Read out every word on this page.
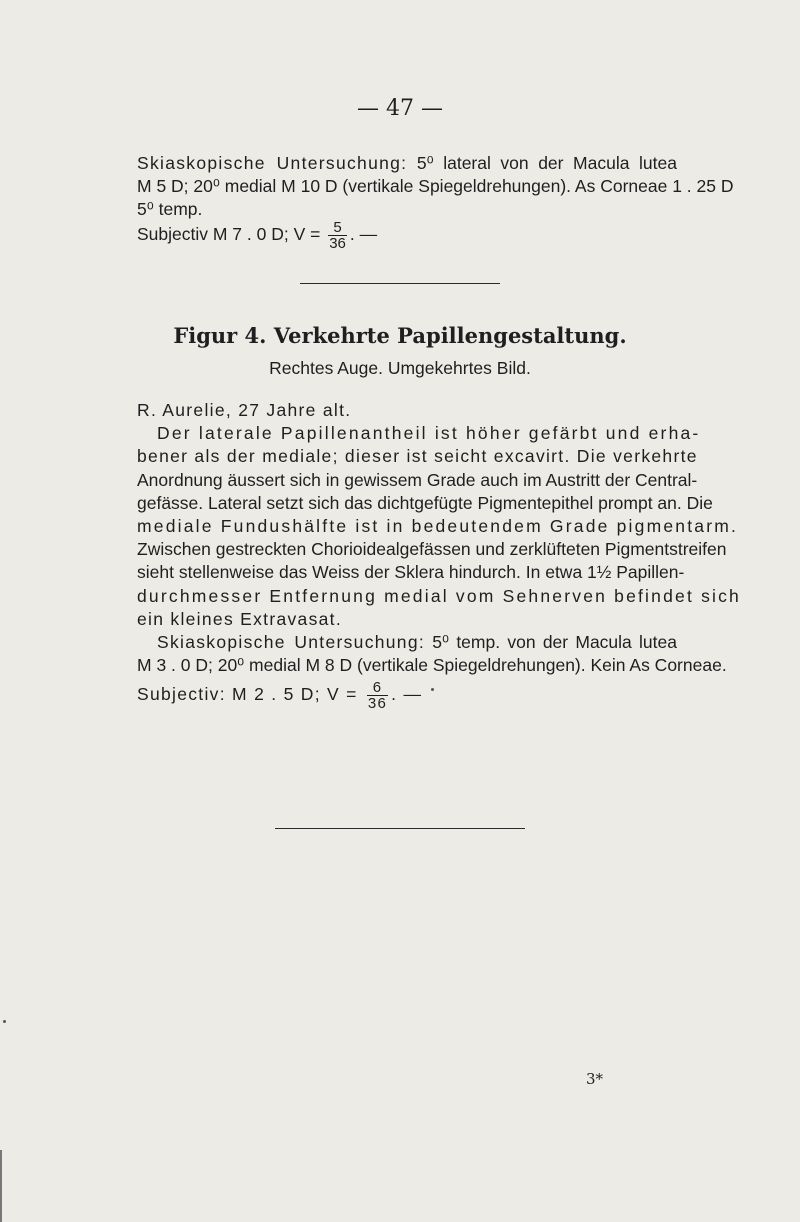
— 47 —
Skiaskopische Untersuchung: 5⁰ lateral von der Macula lutea
M 5 D; 20⁰ medial M 10 D (vertikale Spiegeldrehungen). As Corneae 1 . 25 D
5⁰ temp.
Subjectiv M 7 . 0 D; $V = \frac{5}{36}$ . —
Figur 4. Verkehrte Papillengestaltung.
Rechtes Auge. Umgekehrtes Bild.
R. Aurelie, 27 Jahre alt.
Der laterale Papillenantheil ist höher gefärbt und erha-
bener als der mediale; dieser ist seicht excavirt. Die verkehrte
Anordnung äussert sich in gewissem Grade auch im Austritt der Central-
gefässe. Lateral setzt sich das dichtgefügte Pigmentepithel prompt an. Die
mediale Fundushälfte ist in bedeutendem Grade pigmentarm.
Zwischen gestreckten Chorioidealgefässen und zerklüfteten Pigmentstreifen
sieht stellenweise das Weiss der Sklera hindurch. In etwa 1½ Papillen-
durchmesser Entfernung medial vom Sehnerven befindet sich
ein kleines Extravasat.
Skiaskopische Untersuchung: 5⁰ temp. von der Macula lutea
M 3 . 0 D; 20⁰ medial M 8 D (vertikale Spiegeldrehungen). Kein As Corneae.
Subjectiv: M 2 . 5 D; $V = \frac{6}{36}$ . —
3*
